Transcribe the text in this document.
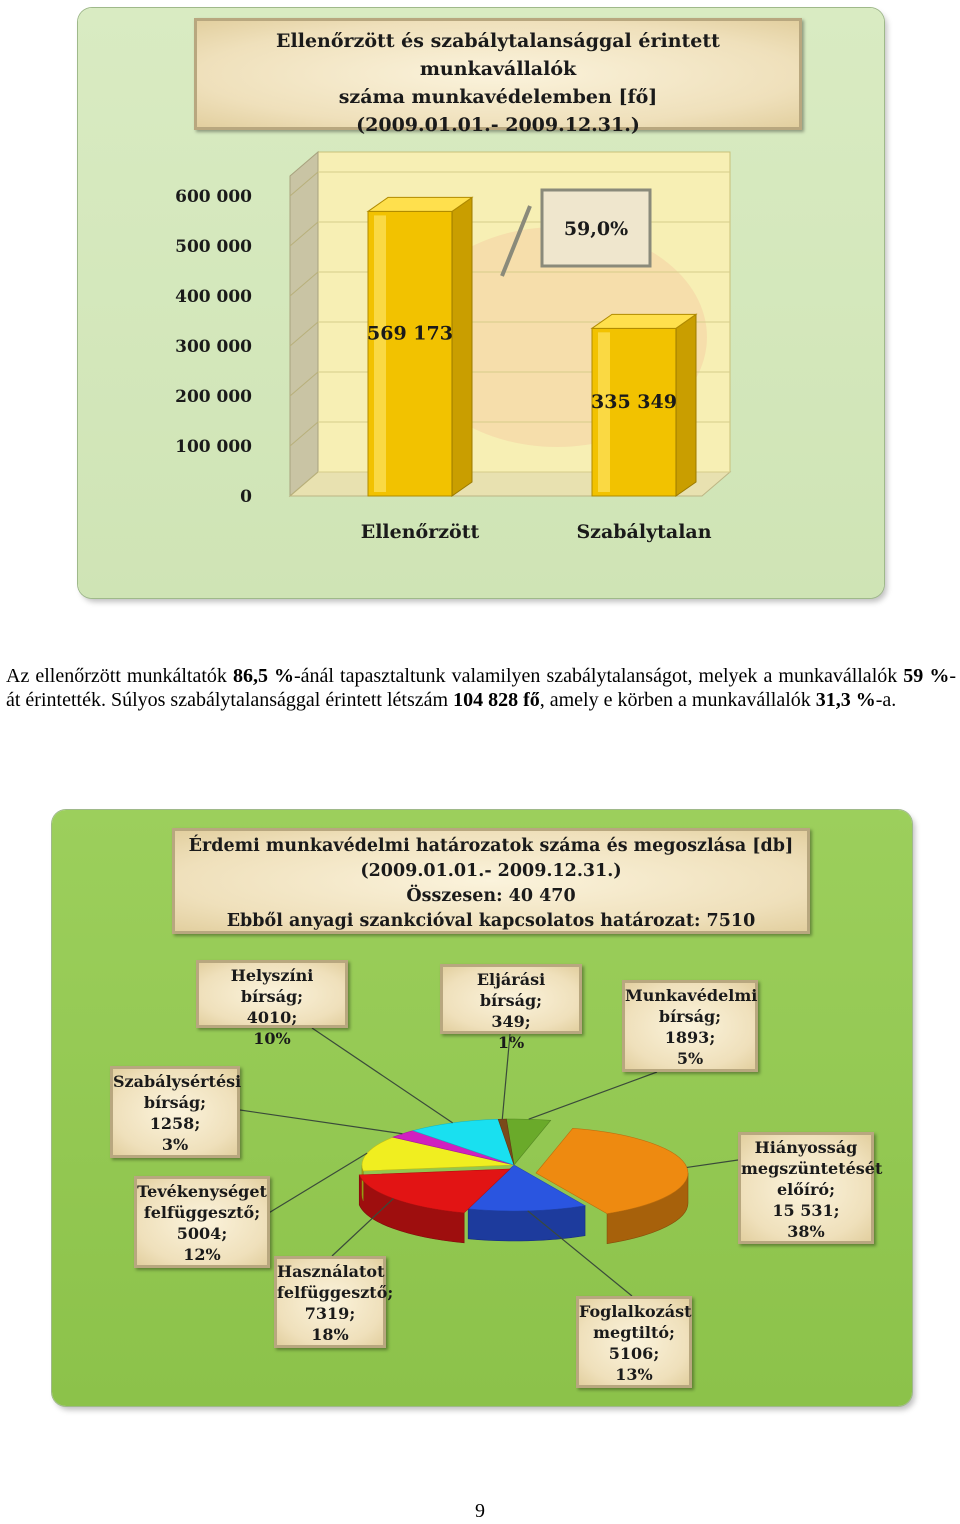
Ellenőrzött és szabálytalansággal érintett munkavállalók
száma munkavédelemben [fő]
(2009.01.01.- 2009.12.31.)
0
100 000
200 000
300 000
400 000
500 000
600 000
569 173
Ellenőrzött
335 349
Szabálytalan
59,0%
Az ellenőrzött munkáltatók 86,5 %-ánál tapasztaltunk valamilyen szabálytalanságot, melyek a munkavállalók 59 %-át érintették. Súlyos szabálytalansággal érintett létszám 104 828 fő, amely e körben a munkavállalók 31,3 %-a.
Érdemi munkavédelmi határozatok száma és megoszlása [db]
(2009.01.01.- 2009.12.31.)
Összesen: 40 470
Ebből anyagi szankcióval kapcsolatos határozat: 7510
Munkavédelmi
bírság;
1893;
5%
Hiányosság
megszüntetését
előíró;
15 531;
38%
Foglalkozást
megtiltó;
5106;
13%
Használatot
felfüggesztő;
7319;
18%
Tevékenységet
felfüggesztő;
5004;
12%
Szabálysértési
bírság;
1258;
3%
Helyszíni bírság;
4010;
10%
Eljárási bírság;
349;
1%
9
